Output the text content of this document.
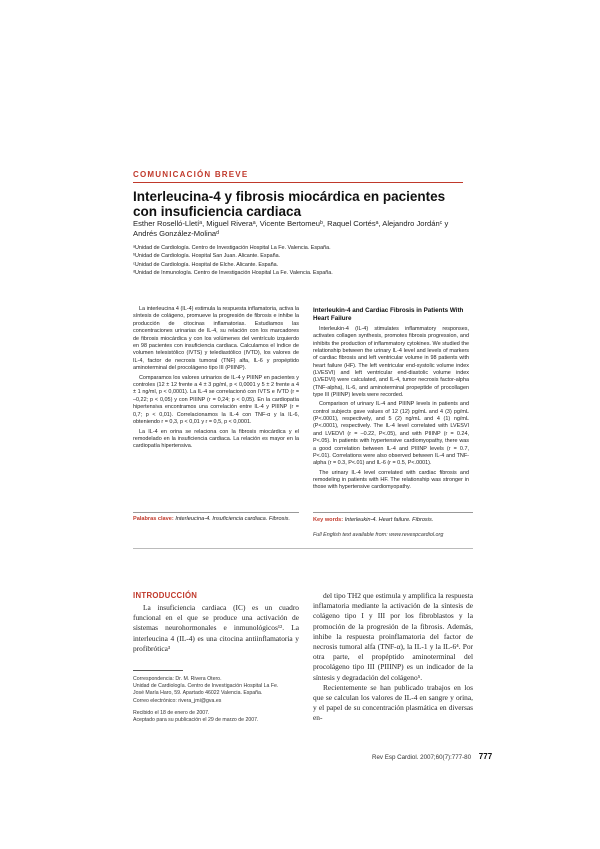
COMUNICACIÓN BREVE
Interleucina-4 y fibrosis miocárdica en pacientes con insuficiencia cardiaca
Esther Roselló-Lletíᵃ, Miguel Riveraᵃ, Vicente Bertomeuᵇ, Raquel Cortésᵃ, Alejandro Jordánᶜ y Andrés González-Molinaᵈ
ᵃUnidad de Cardiología. Centro de Investigación Hospital La Fe. Valencia. España.
ᵇUnidad de Cardiología. Hospital San Juan. Alicante. España.
ᶜUnidad de Cardiología. Hospital de Elche. Alicante. España.
ᵈUnidad de Inmunología. Centro de Investigación Hospital La Fe. Valencia. España.

La interleucina 4 (IL-4) estimula la respuesta inflamatoria, activa la síntesis de colágeno, promueve la progresión de fibrosis e inhibe la producción de citocinas inflamatorias. Estudiamos las concentraciones urinarias de IL-4, su relación con los marcadores de fibrosis miocárdica y con los volúmenes del ventrículo izquierdo en 98 pacientes con insuficiencia cardiaca. Calculamos el índice de volumen telesistólico (IVTS) y telediastólico (IVTD), los valores de IL-4, factor de necrosis tumoral (TNF) alfa, IL-6 y propéptido aminoterminal del procolágeno tipo III (PIIINP).

Comparamos los valores urinarios de IL-4 y PIIINP en pacientes y controles (12 ± 12 frente a 4 ± 3 pg/ml, p < 0,0001 y 5 ± 2 frente a 4 ± 1 ng/ml, p < 0,0001). La IL-4 se correlacionó con IVTS e IVTD (r = –0,22; p < 0,05) y con PIIINP (r = 0,24; p < 0,05). En la cardiopatía hipertensiva encontramos una correlación entre IL-4 y PIIINP (r = 0,7; p < 0,01). Correlacionamos la IL-4 con TNF-α y la IL-6, obteniendo r = 0,3, p < 0,01 y r = 0,5, p < 0,0001.

La IL-4 en orina se relaciona con la fibrosis miocárdica y el remodelado en la insuficiencia cardiaca. La relación es mayor en la cardiopatía hipertensiva.

Palabras clave: Interleucina-4. Insuficiencia cardiaca. Fibrosis.
Interleukin-4 and Cardiac Fibrosis in Patients With Heart Failure

Interleukin-4 (IL-4) stimulates inflammatory responses, activates collagen synthesis, promotes fibrosis progression, and inhibits the production of inflammatory cytokines. We studied the relationship between the urinary IL-4 level and levels of markers of cardiac fibrosis and left ventricular volume in 98 patients with heart failure (HF). The left ventricular end-systolic volume index (LVESVI) and left ventricular end-diastolic volume index (LVEDVI) were calculated, and IL-4, tumor necrosis factor-alpha (TNF-alpha), IL-6, and aminoterminal propeptide of procollagen type III (PIIINP) levels were recorded.

Comparison of urinary IL-4 and PIIINP levels in patients and control subjects gave values of 12 (12) pg/mL and 4 (3) pg/mL (P<.0001), respectively, and 5 (2) ng/mL and 4 (1) ng/mL (P<.0001), respectively. The IL-4 level correlated with LVESVI and LVEDVI (r = –0.22, P<.05), and with PIIINP (r = 0.24, P<.05). In patients with hypertensive cardiomyopathy, there was a good correlation between IL-4 and PIIINP levels (r = 0.7, P<.01). Correlations were also observed between IL-4 and TNF-alpha (r = 0.3, P<.01) and IL-6 (r = 0.5, P<.0001).

The urinary IL-4 level correlated with cardiac fibrosis and remodeling in patients with HF. The relationship was stronger in those with hypertensive cardiomyopathy.

Key words: Interleukin-4. Heart failure. Fibrosis.
Full English text available from: www.revespcardiol.org
INTRODUCCIÓN

La insuficiencia cardiaca (IC) es un cuadro funcional en el que se produce una activación de sistemas neurohormonales e inmunológicos¹². La interleucina 4 (IL-4) es una citocina antiinflamatoria y profibrótica³

Correspondencia: Dr. M. Rivera Otero.

Unidad de Cardiología. Centro de Investigación Hospital La Fe.

José María Haro, 59. Apartado 46022 Valencia. España.

Correo electrónico: rivera_jmi@gva.es

Recibido el 18 de enero de 2007.

Aceptado para su publicación el 29 de marzo de 2007.

del tipo TH2 que estimula y amplifica la respuesta inflamatoria mediante la activación de la síntesis de colágeno tipo I y III por los fibroblastos y la promoción de la progresión de la fibrosis. Además, inhibe la respuesta proinflamatoria del factor de necrosis tumoral alfa (TNF-α), la IL-1 y la IL-6⁴. Por otra parte, el propéptido aminoterminal del procolágeno tipo III (PIIINP) es un indicador de la síntesis y degradación del colágeno⁵.

Recientemente se han publicado trabajos en los que se calculan los valores de IL-4 en sangre y orina, y el papel de su concentración plasmática en diversas en-

Rev Esp Cardiol. 2007;60(7):777-80 777
